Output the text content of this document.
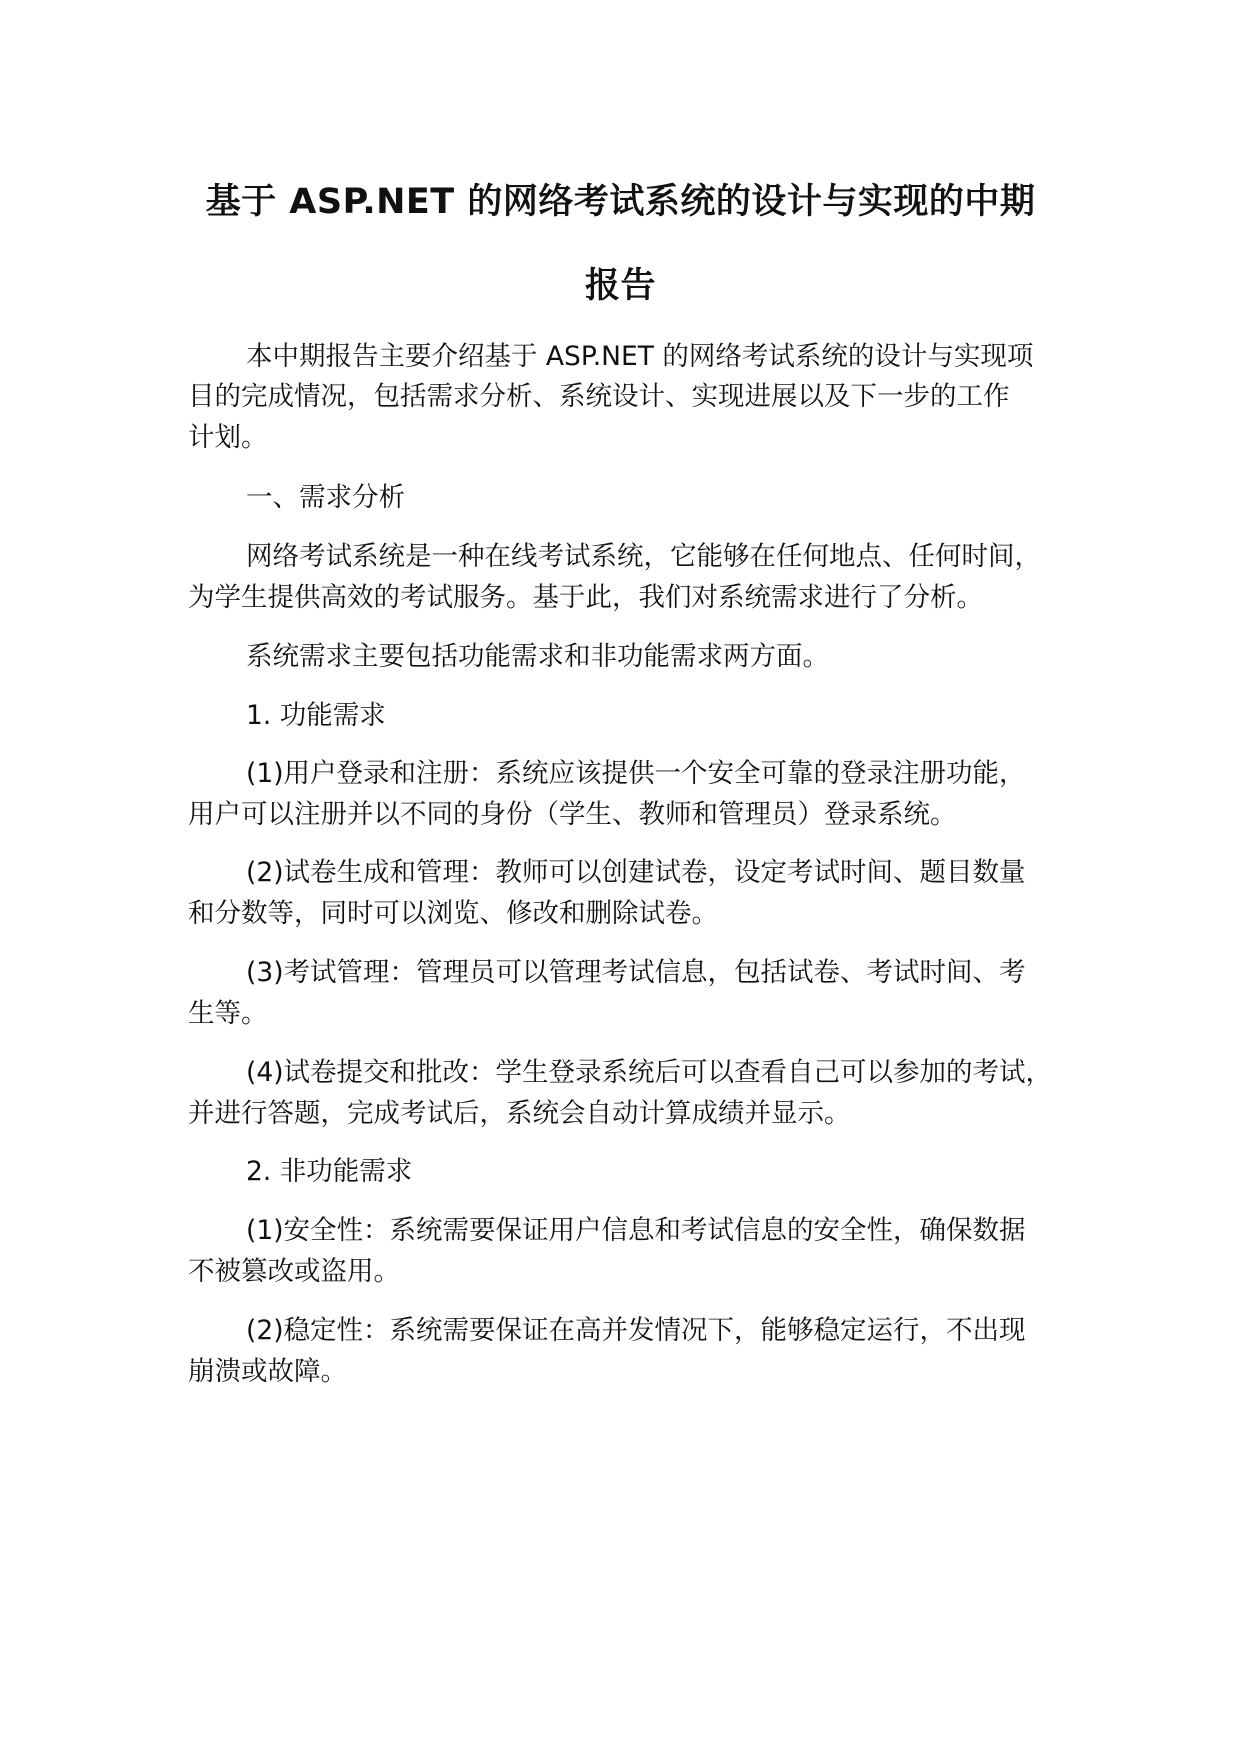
基于 ASP.NET 的网络考试系统的设计与实现的中期
报告

本中期报告主要介绍基于 ASP.NET 的网络考试系统的设计与实现项

目的完成情况，包括需求分析、系统设计、实现进展以及下一步的工作

计划。

一、需求分析

网络考试系统是一种在线考试系统，它能够在任何地点、任何时间，

为学生提供高效的考试服务。基于此，我们对系统需求进行了分析。

系统需求主要包括功能需求和非功能需求两方面。

1. 功能需求

(1)用户登录和注册：系统应该提供一个安全可靠的登录注册功能，

用户可以注册并以不同的身份（学生、教师和管理员）登录系统。

(2)试卷生成和管理：教师可以创建试卷，设定考试时间、题目数量

和分数等，同时可以浏览、修改和删除试卷。

(3)考试管理：管理员可以管理考试信息，包括试卷、考试时间、考

生等。

(4)试卷提交和批改：学生登录系统后可以查看自己可以参加的考试，

并进行答题，完成考试后，系统会自动计算成绩并显示。

2. 非功能需求

(1)安全性：系统需要保证用户信息和考试信息的安全性，确保数据

不被篡改或盗用。

(2)稳定性：系统需要保证在高并发情况下，能够稳定运行，不出现

崩溃或故障。
